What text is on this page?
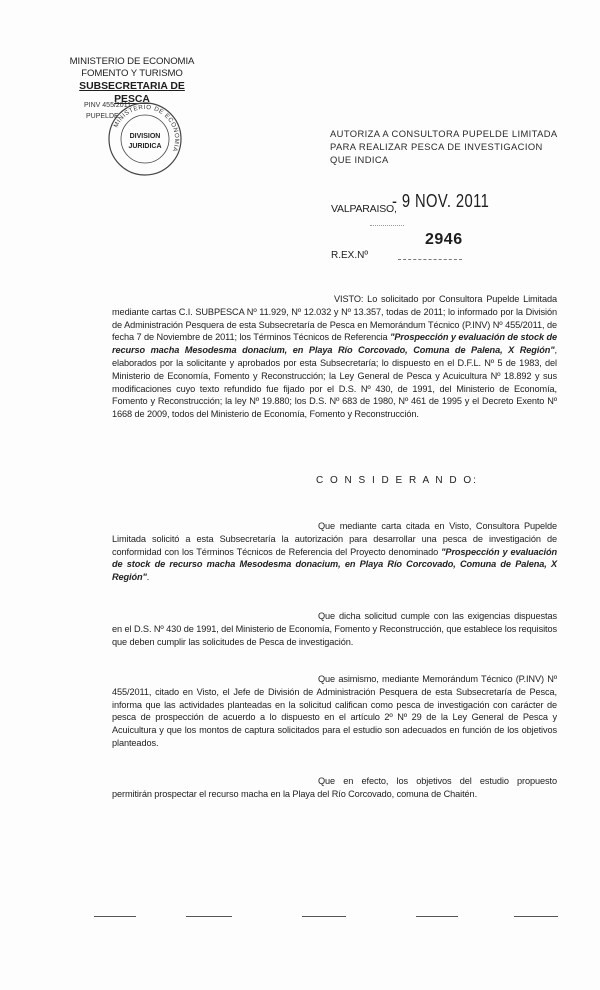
MINISTERIO DE ECONOMIA
FOMENTO Y TURISMO
SUBSECRETARIA DE PESCA
PINV 455/2011
PUPELDE
MINISTERIO DE ECONOMIA
DIVISION
JURIDICA
AUTORIZA A CONSULTORA PUPELDE LIMITADA PARA REALIZAR PESCA DE INVESTIGACION QUE INDICA
VALPARAISO,
- 9 NOV. 2011
2946
R.EX.Nº
VISTO: Lo solicitado por Consultora Pupelde Limitada mediante cartas C.I. SUBPESCA Nº 11.929, Nº 12.032 y Nº 13.357, todas de 2011; lo informado por la División de Administración Pesquera de esta Subsecretaría de Pesca en Memorándum Técnico (P.INV) Nº 455/2011, de fecha 7 de Noviembre de 2011; los Términos Técnicos de Referencia "Prospección y evaluación de stock de recurso macha Mesodesma donacium, en Playa Río Corcovado, Comuna de Palena, X Región", elaborados por la solicitante y aprobados por esta Subsecretaría; lo dispuesto en el D.F.L. Nº 5 de 1983, del Ministerio de Economía, Fomento y Reconstrucción; la Ley General de Pesca y Acuicultura Nº 18.892 y sus modificaciones cuyo texto refundido fue fijado por el D.S. Nº 430, de 1991, del Ministerio de Economía, Fomento y Reconstrucción; la ley Nº 19.880; los D.S. Nº 683 de 1980, Nº 461 de 1995 y el Decreto Exento Nº 1668 de 2009, todos del Ministerio de Economía, Fomento y Reconstrucción.
C O N S I D E R A N D O:
Que mediante carta citada en Visto, Consultora Pupelde Limitada solicitó a esta Subsecretaría la autorización para desarrollar una pesca de investigación de conformidad con los Términos Técnicos de Referencia del Proyecto denominado "Prospección y evaluación de stock de recurso macha Mesodesma donacium, en Playa Río Corcovado, Comuna de Palena, X Región".
Que dicha solicitud cumple con las exigencias dispuestas en el D.S. Nº 430 de 1991, del Ministerio de Economía, Fomento y Reconstrucción, que establece los requisitos que deben cumplir las solicitudes de Pesca de investigación.
Que asimismo, mediante Memorándum Técnico (P.INV) Nº 455/2011, citado en Visto, el Jefe de División de Administración Pesquera de esta Subsecretaría de Pesca, informa que las actividades planteadas en la solicitud califican como pesca de investigación con carácter de pesca de prospección de acuerdo a lo dispuesto en el artículo 2º Nº 29 de la Ley General de Pesca y Acuicultura y que los montos de captura solicitados para el estudio son adecuados en función de los objetivos planteados.
Que en efecto, los objetivos del estudio propuesto permitirán prospectar el recurso macha en la Playa del Río Corcovado, comuna de Chaitén.
